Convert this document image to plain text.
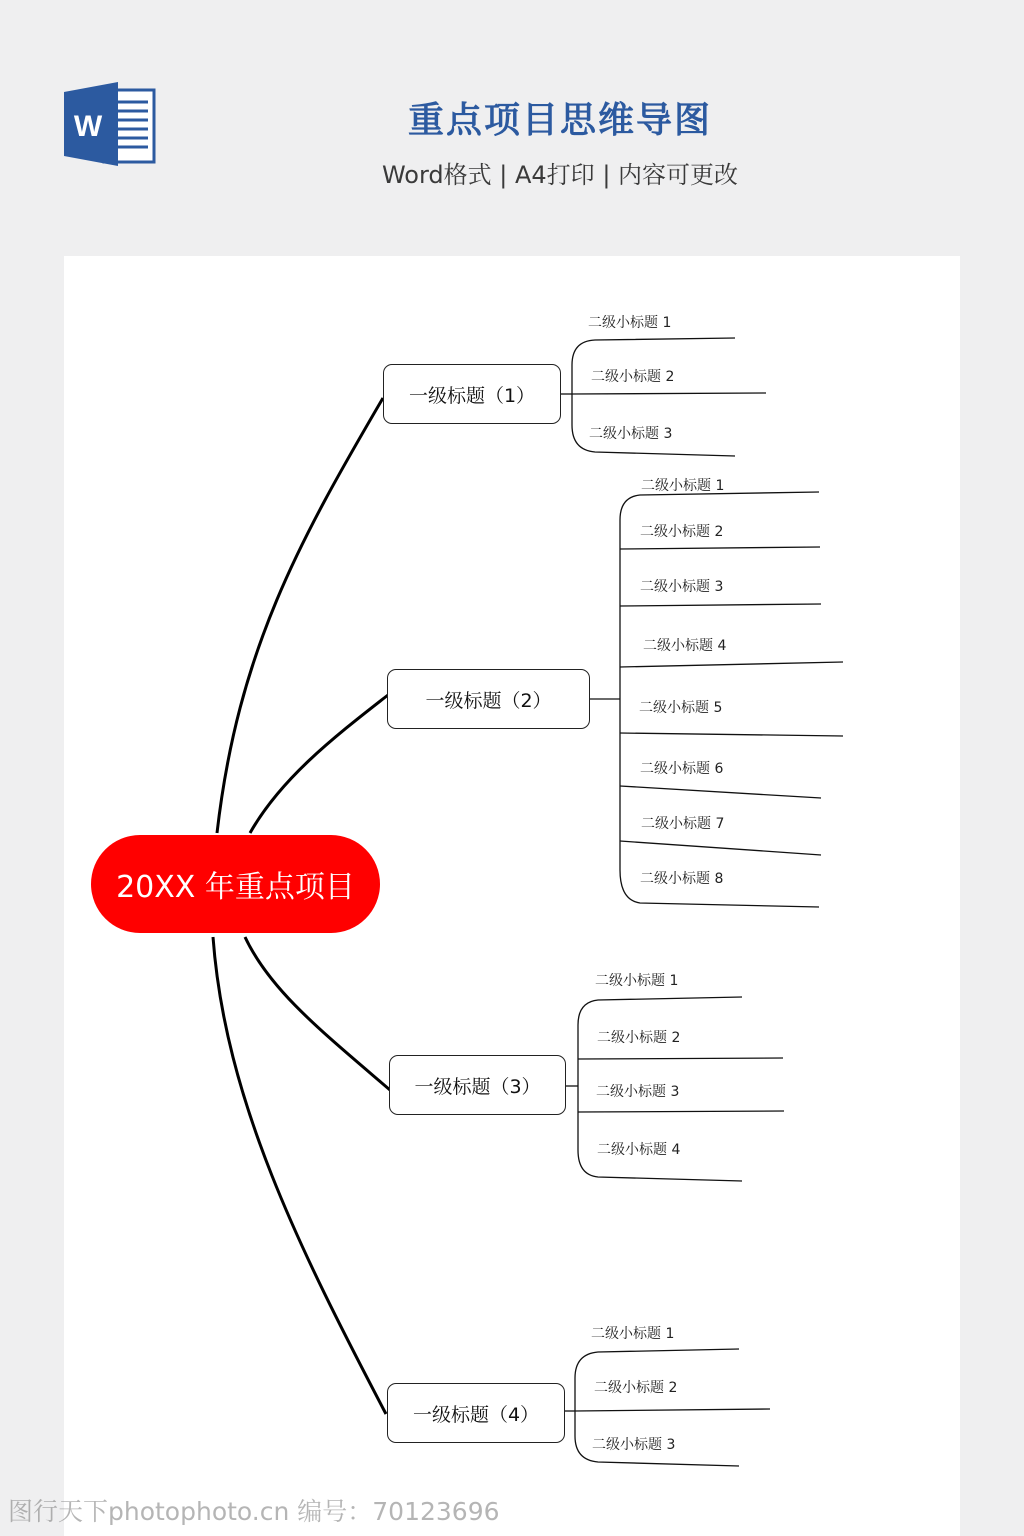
W	重点项目思维导图
Word格式 | A4打印 | 内容可更改
20XX 年重点项目
一级标题（1）
一级标题（2）
一级标题（3）
一级标题（4）
二级小标题 1
二级小标题 2
二级小标题 3
二级小标题 1
二级小标题 2
二级小标题 3
二级小标题 4
二级小标题 5
二级小标题 6
二级小标题 7
二级小标题 8
二级小标题 1
二级小标题 2
二级小标题 3
二级小标题 4
二级小标题 1
二级小标题 2
二级小标题 3
图行天下photophoto.cn 编号：70123696
